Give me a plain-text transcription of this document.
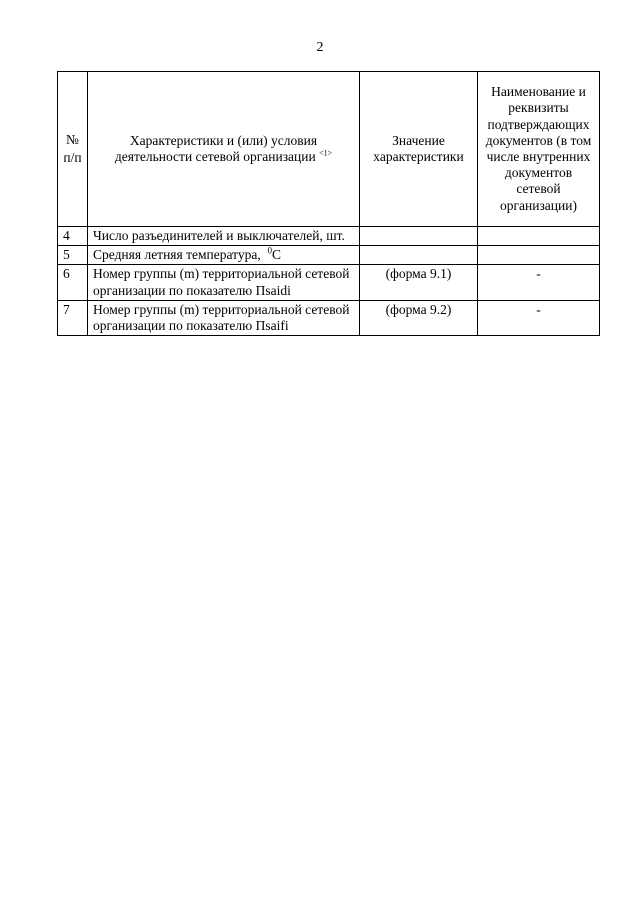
2
№ п/п	Характеристики и (или) условия деятельности сетевой организации $^{<1>}$	Значение характеристики	Наименование и реквизиты подтверждающих документов (в том числе внутренних документов сетевой организации)
4	Число разъединителей и выключателей, шт.		
5	Средняя летняя температура, $^0$С		
6	Номер группы (m) территориальной сетевой организации по показателю Пsaidi	(форма 9.1)	-
7	Номер группы (m) территориальной сетевой организации по показателю Пsaifi	(форма 9.2)	-
